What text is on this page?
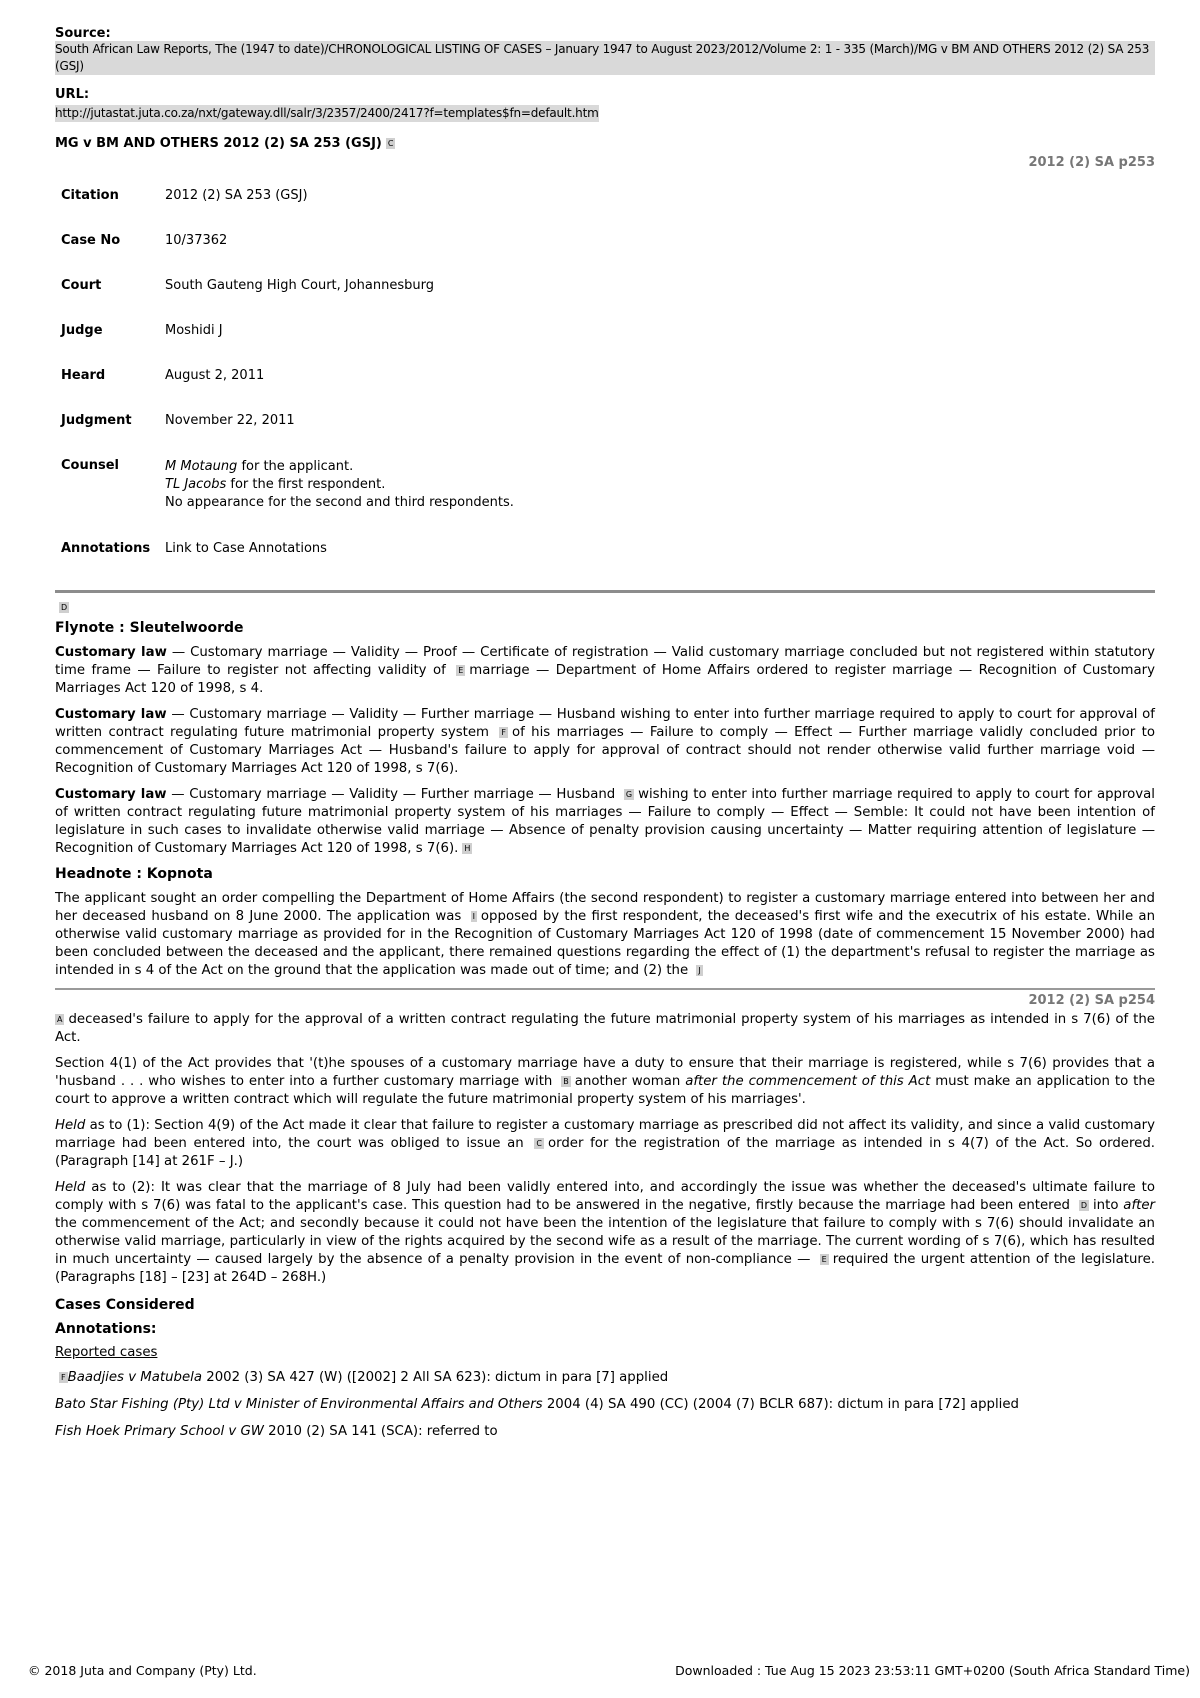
Source:
South African Law Reports, The (1947 to date)/CHRONOLOGICAL LISTING OF CASES – January 1947 to August 2023/2012/Volume 2: 1 - 335 (March)/MG v BM AND OTHERS 2012 (2) SA 253 (GSJ)
URL:
http://jutastat.juta.co.za/nxt/gateway.dll/salr/3/2357/2400/2417?f=templates$fn=default.htm
MG v BM AND OTHERS 2012 (2) SA 253 (GSJ) C
2012 (2) SA p253
Citation	2012 (2) SA 253 (GSJ)
Case No	10/37362
Court	South Gauteng High Court, Johannesburg
Judge	Moshidi J
Heard	August 2, 2011
Judgment	November 22, 2011
Counsel	M Motaung for the applicant.
TL Jacobs for the first respondent.
No appearance for the second and third respondents.

Annotations	Link to Case Annotations
D
Flynote : Sleutelwoorde

Customary law — Customary marriage — Validity — Proof — Certificate of registration — Valid customary marriage concluded but not registered within statutory time frame — Failure to register not affecting validity of E marriage — Department of Home Affairs ordered to register marriage — Recognition of Customary Marriages Act 120 of 1998, s 4.

Customary law — Customary marriage — Validity — Further marriage — Husband wishing to enter into further marriage required to apply to court for approval of written contract regulating future matrimonial property system F of his marriages — Failure to comply — Effect — Further marriage validly concluded prior to commencement of Customary Marriages Act — Husband's failure to apply for approval of contract should not render otherwise valid further marriage void — Recognition of Customary Marriages Act 120 of 1998, s 7(6).

Customary law — Customary marriage — Validity — Further marriage — Husband G wishing to enter into further marriage required to apply to court for approval of written contract regulating future matrimonial property system of his marriages — Failure to comply — Effect — Semble: It could not have been intention of legislature in such cases to invalidate otherwise valid marriage — Absence of penalty provision causing uncertainty — Matter requiring attention of legislature — Recognition of Customary Marriages Act 120 of 1998, s 7(6). H

Headnote : Kopnota

The applicant sought an order compelling the Department of Home Affairs (the second respondent) to register a customary marriage entered into between her and her deceased husband on 8 June 2000. The application was I opposed by the first respondent, the deceased's first wife and the executrix of his estate. While an otherwise valid customary marriage as provided for in the Recognition of Customary Marriages Act 120 of 1998 (date of commencement 15 November 2000) had been concluded between the deceased and the applicant, there remained questions regarding the effect of (1) the department's refusal to register the marriage as intended in s 4 of the Act on the ground that the application was made out of time; and (2) the J

2012 (2) SA p254

A deceased's failure to apply for the approval of a written contract regulating the future matrimonial property system of his marriages as intended in s 7(6) of the Act.

Section 4(1) of the Act provides that '(t)he spouses of a customary marriage have a duty to ensure that their marriage is registered, while s 7(6) provides that a 'husband . . . who wishes to enter into a further customary marriage with B another woman after the commencement of this Act must make an application to the court to approve a written contract which will regulate the future matrimonial property system of his marriages'.

Held as to (1): Section 4(9) of the Act made it clear that failure to register a customary marriage as prescribed did not affect its validity, and since a valid customary marriage had been entered into, the court was obliged to issue an C order for the registration of the marriage as intended in s 4(7) of the Act. So ordered. (Paragraph [14] at 261F – J.)

Held as to (2): It was clear that the marriage of 8 July had been validly entered into, and accordingly the issue was whether the deceased's ultimate failure to comply with s 7(6) was fatal to the applicant's case. This question had to be answered in the negative, firstly because the marriage had been entered D into after the commencement of the Act; and secondly because it could not have been the intention of the legislature that failure to comply with s 7(6) should invalidate an otherwise valid marriage, particularly in view of the rights acquired by the second wife as a result of the marriage. The current wording of s 7(6), which has resulted in much uncertainty — caused largely by the absence of a penalty provision in the event of non-compliance — E required the urgent attention of the legislature. (Paragraphs [18] – [23] at 264D – 268H.)

Cases Considered
Annotations:
Reported cases

F Baadjies v Matubela 2002 (3) SA 427 (W) ([2002] 2 All SA 623): dictum in para [7] applied

Bato Star Fishing (Pty) Ltd v Minister of Environmental Affairs and Others 2004 (4) SA 490 (CC) (2004 (7) BCLR 687): dictum in para [72] applied

Fish Hoek Primary School v GW 2010 (2) SA 141 (SCA): referred to

© 2018 Juta and Company (Pty) Ltd.	Downloaded : Tue Aug 15 2023 23:53:11 GMT+0200 (South Africa Standard Time)
